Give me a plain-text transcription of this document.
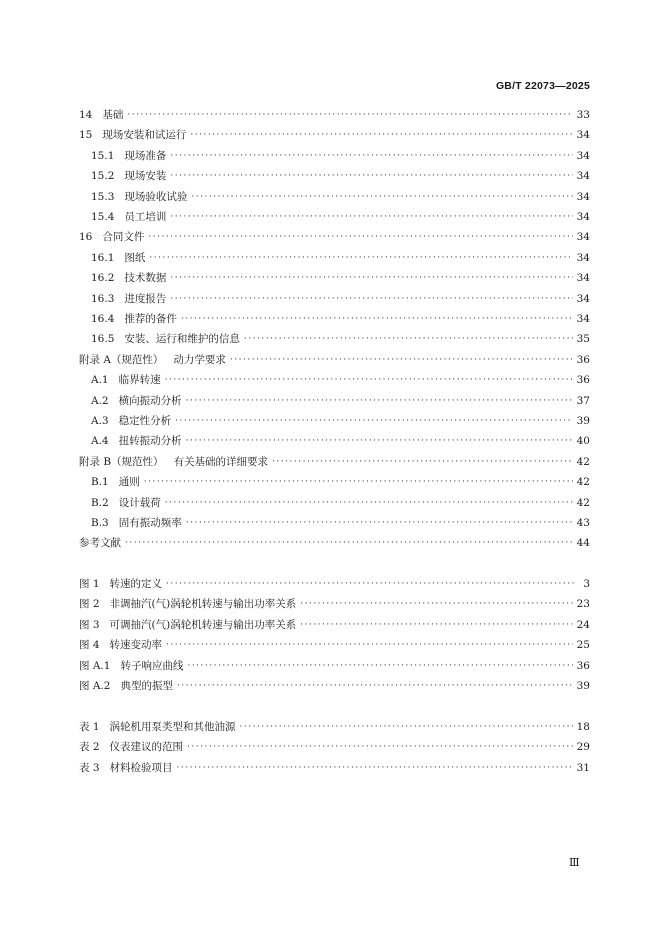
GB/T 22073—2025
14 基础 ·····	33
15 现场安装和试运行 ·····	34
15.1 现场准备 ·····	34
15.2 现场安装 ·····	34
15.3 现场验收试验 ·····	34
15.4 员工培训 ·····	34
16 合同文件 ·····	34
16.1 图纸 ·····	34
16.2 技术数据 ·····	34
16.3 进度报告 ·····	34
16.4 推荐的备件 ·····	34
16.5 安装、运行和维护的信息 ·····	35
附录 A（规范性） 动力学要求 ·····	36
A.1 临界转速 ·····	36
A.2 横向振动分析 ·····	37
A.3 稳定性分析 ·····	39
A.4 扭转振动分析 ·····	40
附录 B（规范性） 有关基础的详细要求 ·····	42
B.1 通则 ·····	42
B.2 设计载荷 ·····	42
B.3 固有振动频率 ·····	43
参考文献 ·····	44
图 1 转速的定义 ·····	3
图 2 非调抽汽(气)涡轮机转速与输出功率关系 ·····	23
图 3 可调抽汽(气)涡轮机转速与输出功率关系 ·····	24
图 4 转速变动率 ·····	25
图 A.1 转子响应曲线 ·····	36
图 A.2 典型的振型 ·····	39
表 1 涡轮机用泵类型和其他油源 ·····	18
表 2 仪表建议的范围 ·····	29
表 3 材料检验项目 ·····	31
Ⅲ
